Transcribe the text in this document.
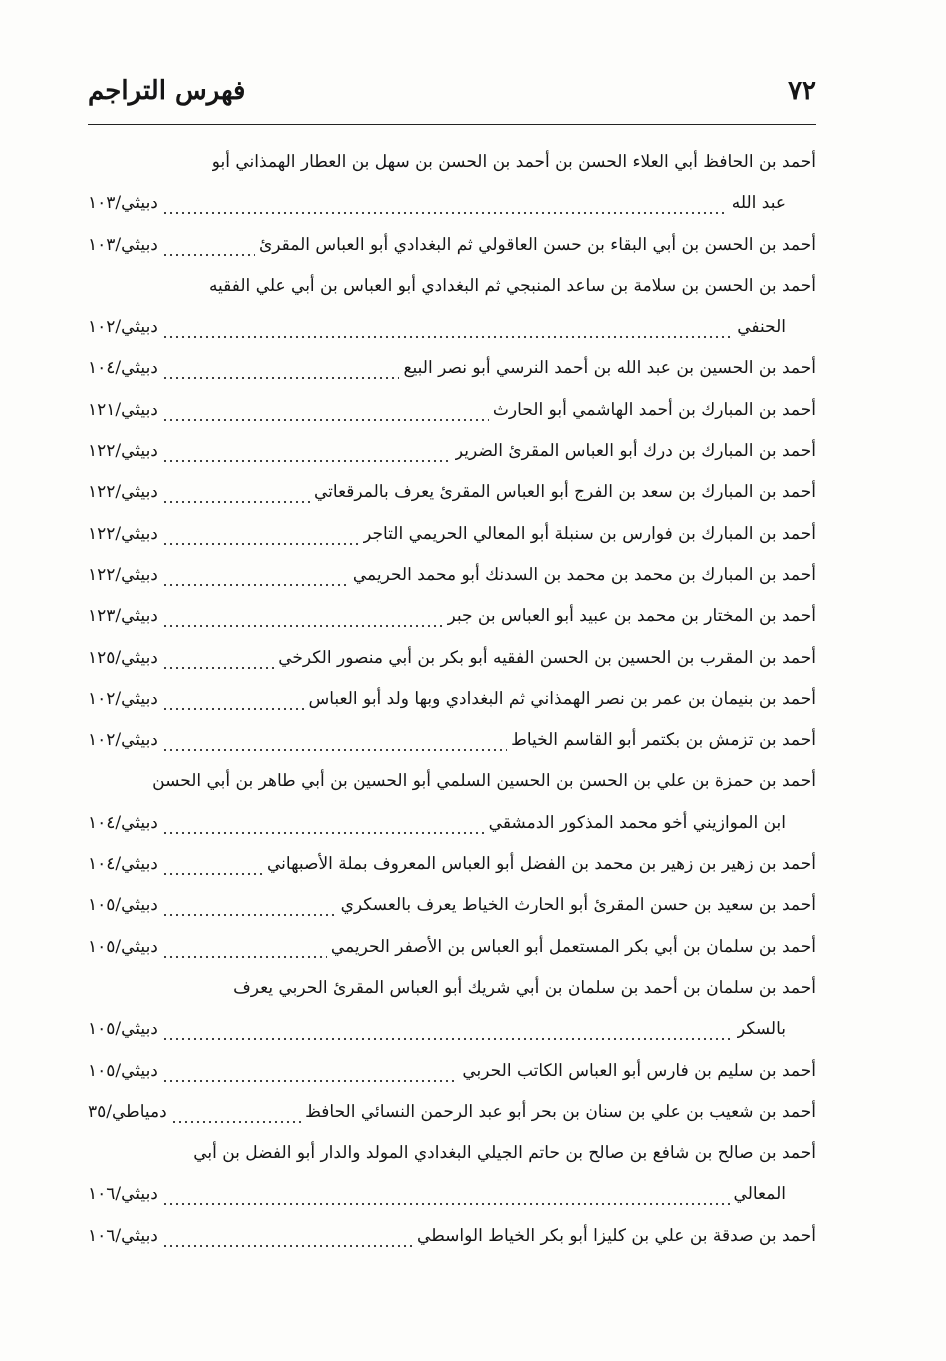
٧٢
فهرس التراجم
أحمد بن الحافظ أبي العلاء الحسن بن أحمد بن الحسن بن سهل بن العطار الهمذاني أبو
عبد الله
دبيثي/١٠٣
أحمد بن الحسن بن أبي البقاء بن حسن العاقولي ثم البغدادي أبو العباس المقرئ
دبيثي/١٠٣
أحمد بن الحسن بن سلامة بن ساعد المنبجي ثم البغدادي أبو العباس بن أبي علي الفقيه
الحنفي
دبيثي/١٠٢
أحمد بن الحسين بن عبد الله بن أحمد النرسي أبو نصر البيع
دبيثي/١٠٤
أحمد بن المبارك بن أحمد الهاشمي أبو الحارث
دبيثي/١٢١
أحمد بن المبارك بن درك أبو العباس المقرئ الضرير
دبيثي/١٢٢
أحمد بن المبارك بن سعد بن الفرج أبو العباس المقرئ يعرف بالمرقعاتي
دبيثي/١٢٢
أحمد بن المبارك بن فوارس بن سنبلة أبو المعالي الحريمي التاجر
دبيثي/١٢٢
أحمد بن المبارك بن محمد بن محمد بن السدنك أبو محمد الحريمي
دبيثي/١٢٢
أحمد بن المختار بن محمد بن عبيد أبو العباس بن جبر
دبيثي/١٢٣
أحمد بن المقرب بن الحسين بن الحسن الفقيه أبو بكر بن أبي منصور الكرخي
دبيثي/١٢٥
أحمد بن بنيمان بن عمر بن نصر الهمذاني ثم البغدادي وبها ولد أبو العباس
دبيثي/١٠٢
أحمد بن تزمش بن بكتمر أبو القاسم الخياط
دبيثي/١٠٢
أحمد بن حمزة بن علي بن الحسن بن الحسين السلمي أبو الحسين بن أبي طاهر بن أبي الحسن
ابن الموازيني أخو محمد المذكور الدمشقي
دبيثي/١٠٤
أحمد بن زهير بن زهير بن محمد بن الفضل أبو العباس المعروف بملة الأصبهاني
دبيثي/١٠٤
أحمد بن سعيد بن حسن المقرئ أبو الحارث الخياط يعرف بالعسكري
دبيثي/١٠٥
أحمد بن سلمان بن أبي بكر المستعمل أبو العباس بن الأصفر الحريمي
دبيثي/١٠٥
أحمد بن سلمان بن أحمد بن سلمان بن أبي شريك أبو العباس المقرئ الحربي يعرف
بالسكر
دبيثي/١٠٥
أحمد بن سليم بن فارس أبو العباس الكاتب الحربي
دبيثي/١٠٥
أحمد بن شعيب بن علي بن سنان بن بحر أبو عبد الرحمن النسائي الحافظ
دمياطي/٣٥
أحمد بن صالح بن شافع بن صالح بن حاتم الجيلي البغدادي المولد والدار أبو الفضل بن أبي
المعالي
دبيثي/١٠٦
أحمد بن صدقة بن علي بن كليزا أبو بكر الخياط الواسطي
دبيثي/١٠٦
